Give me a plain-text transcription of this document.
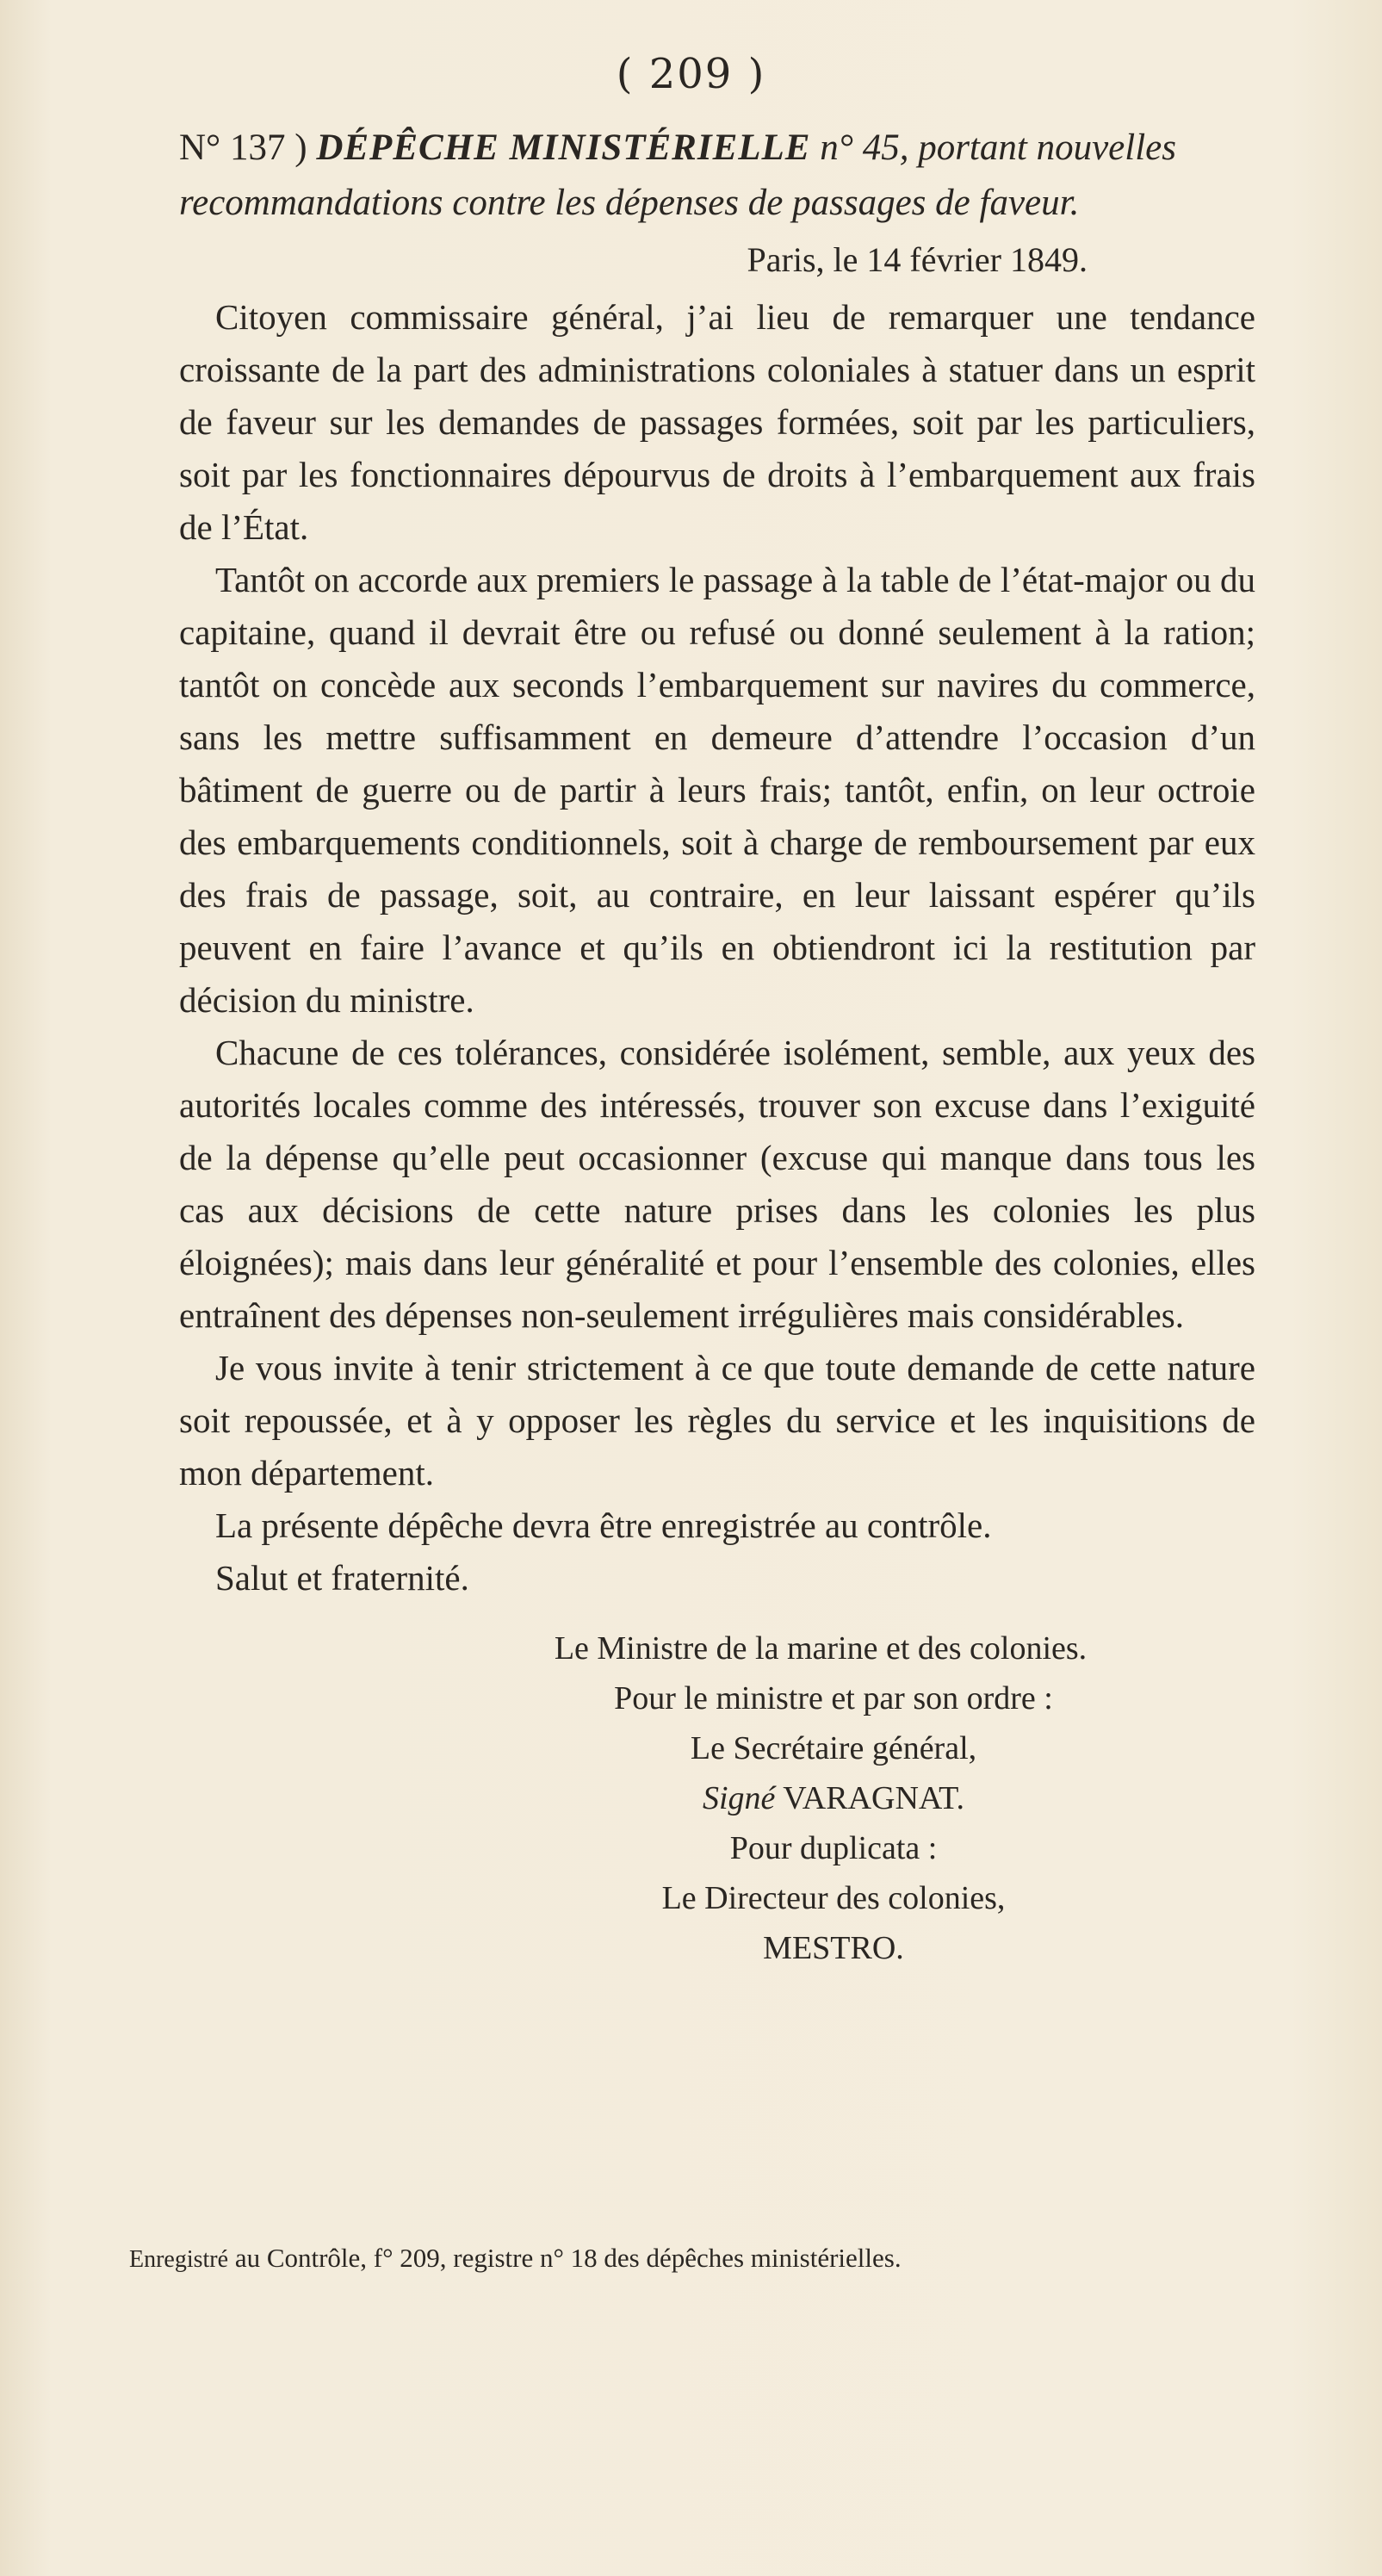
( 209 )

N° 137 ) DÉPÊCHE MINISTÉRIELLE n° 45, portant nouvelles recommandations contre les dépenses de passages de faveur.

Paris, le 14 février 1849.

Citoyen commissaire général, j’ai lieu de remarquer une tendance croissante de la part des administrations coloniales à statuer dans un esprit de faveur sur les demandes de passages formées, soit par les particuliers, soit par les fonctionnaires dépourvus de droits à l’embarquement aux frais de l’État.

Tantôt on accorde aux premiers le passage à la table de l’état-major ou du capitaine, quand il devrait être ou refusé ou donné seulement à la ration; tantôt on concède aux seconds l’embarquement sur navires du commerce, sans les mettre suffisamment en demeure d’attendre l’occasion d’un bâtiment de guerre ou de partir à leurs frais; tantôt, enfin, on leur octroie des embarquements conditionnels, soit à charge de remboursement par eux des frais de passage, soit, au contraire, en leur laissant espérer qu’ils peuvent en faire l’avance et qu’ils en obtiendront ici la restitution par décision du ministre.

Chacune de ces tolérances, considérée isolément, semble, aux yeux des autorités locales comme des intéressés, trouver son excuse dans l’exiguité de la dépense qu’elle peut occasionner (excuse qui manque dans tous les cas aux décisions de cette nature prises dans les colonies les plus éloignées); mais dans leur généralité et pour l’ensemble des colonies, elles entraînent des dépenses non-seulement irrégulières mais considérables.

Je vous invite à tenir strictement à ce que toute demande de cette nature soit repoussée, et à y opposer les règles du service et les inquisitions de mon département.

La présente dépêche devra être enregistrée au contrôle.

Salut et fraternité.

Le Ministre de la marine et des colonies.
Pour le ministre et par son ordre :
Le Secrétaire général,
Signé VARAGNAT.
Pour duplicata :
Le Directeur des colonies,
MESTRO.
Enregistré au Contrôle, f° 209, registre n° 18 des dépêches ministérielles.
